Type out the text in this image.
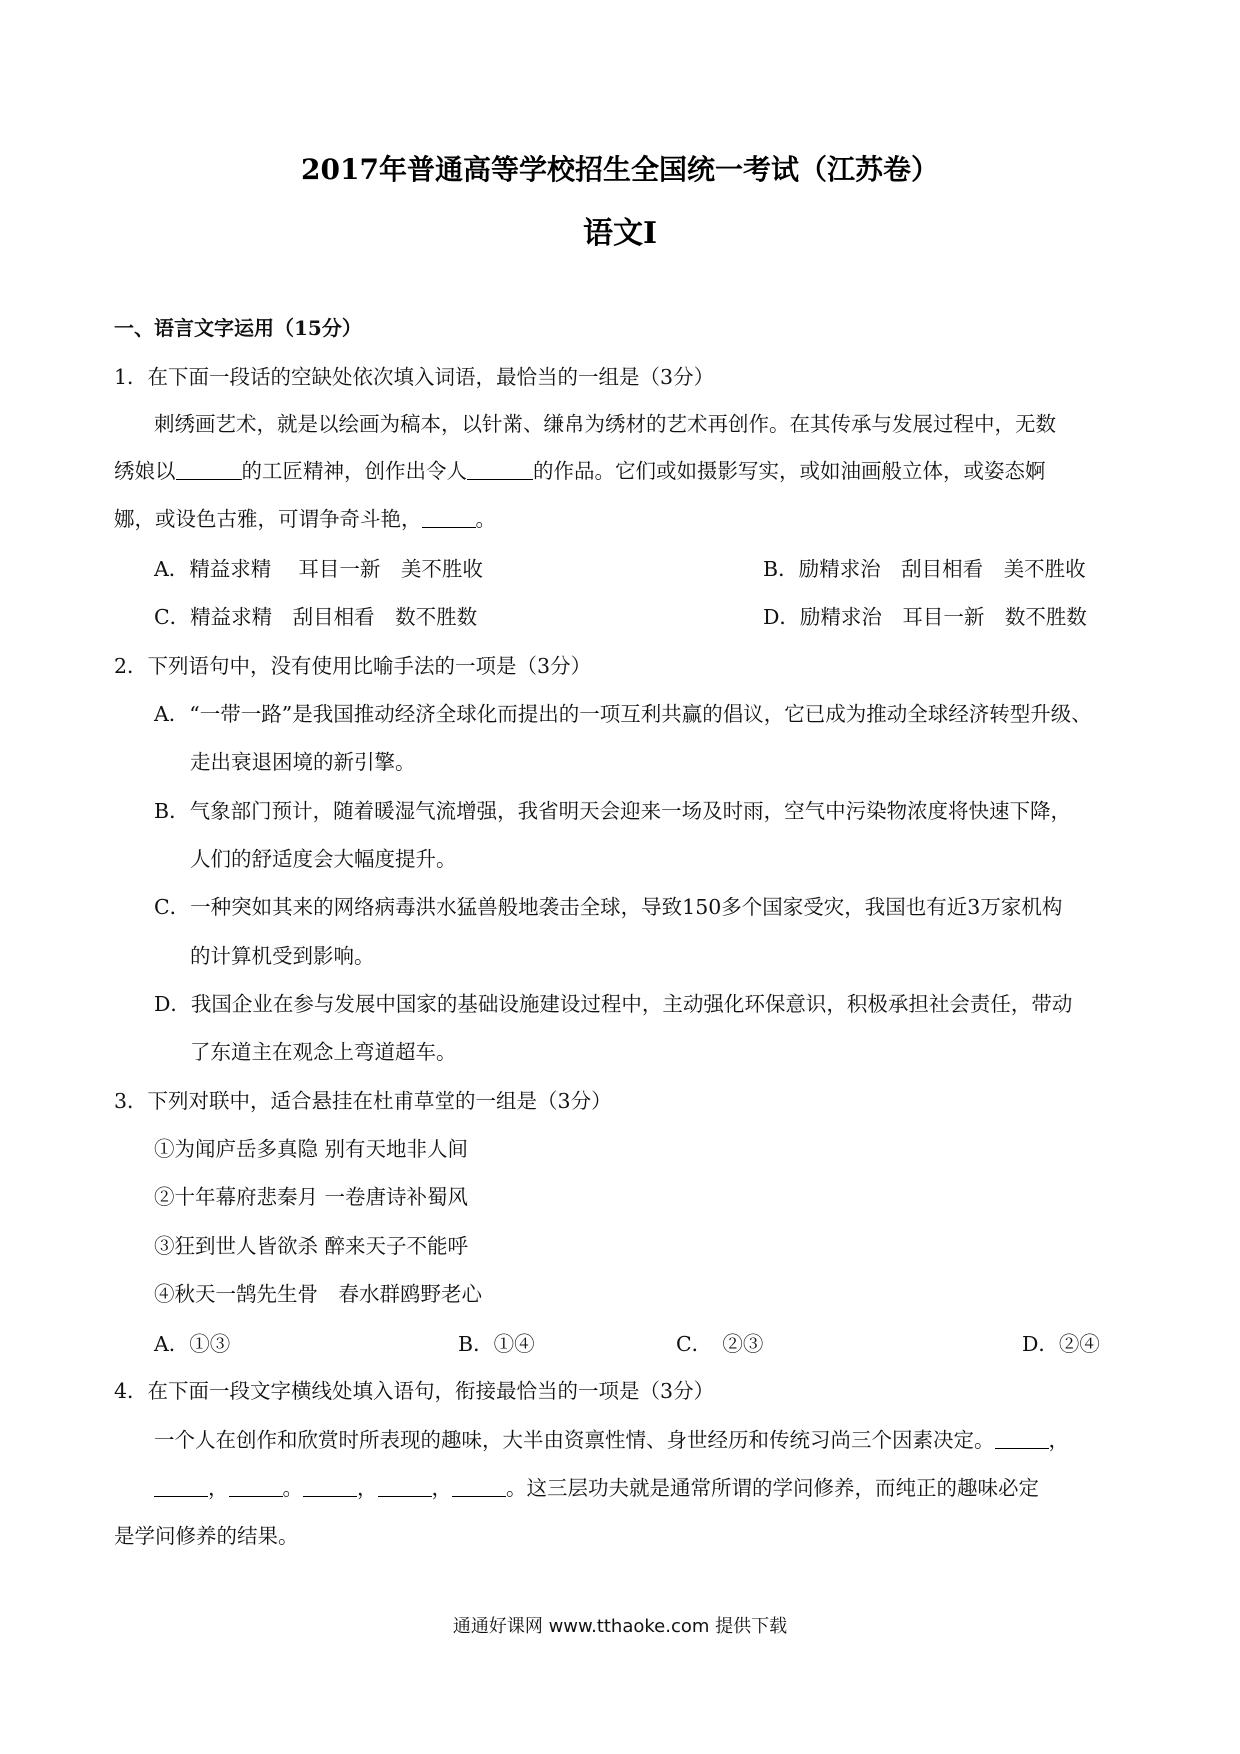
2017年普通高等学校招生全国统一考试（江苏卷）
语文Ⅰ
一、语言文字运用（15分）
1．在下面一段话的空缺处依次填入词语，最恰当的一组是（3分）
刺绣画艺术，就是以绘画为稿本，以针黹、缣帛为绣材的艺术再创作。在其传承与发展过程中，无数
绣娘以	的工匠精神，创作出令人	的作品。它们或如摄影写实，或如油画般立体，或姿态婀
娜，或设色古雅，可谓争奇斗艳，	。
A．精益求精　 耳目一新　美不胜收	B．励精求治　刮目相看　美不胜收
C．精益求精　刮目相看　数不胜数	D．励精求治　耳目一新　数不胜数
2．下列语句中，没有使用比喻手法的一项是（3分）
A．“一带一路”是我国推动经济全球化而提出的一项互利共赢的倡议，它已成为推动全球经济转型升级、
走出衰退困境的新引擎。
B．气象部门预计，随着暖湿气流增强，我省明天会迎来一场及时雨，空气中污染物浓度将快速下降，
人们的舒适度会大幅度提升。
C．一种突如其来的网络病毒洪水猛兽般地袭击全球，导致150多个国家受灾，我国也有近3万家机构
的计算机受到影响。
D．我国企业在参与发展中国家的基础设施建设过程中，主动强化环保意识，积极承担社会责任，带动
了东道主在观念上弯道超车。
3．下列对联中，适合悬挂在杜甫草堂的一组是（3分）
①为闻庐岳多真隐 别有天地非人间
②十年幕府悲秦月 一卷唐诗补蜀风
③狂到世人皆欲杀 醉来天子不能呼
④秋天一鹄先生骨　春水群鸥野老心
A．①③	B．①④	C．　②③	D．②④
4．在下面一段文字横线处填入语句，衔接最恰当的一项是（3分）
一个人在创作和欣赏时所表现的趣味，大半由资禀性情、身世经历和传统习尚三个因素决定。	，
，	。	，	，	。这三层功夫就是通常所谓的学问修养，而纯正的趣味必定
是学问修养的结果。
通通好课网 www.tthaoke.com 提供下载
